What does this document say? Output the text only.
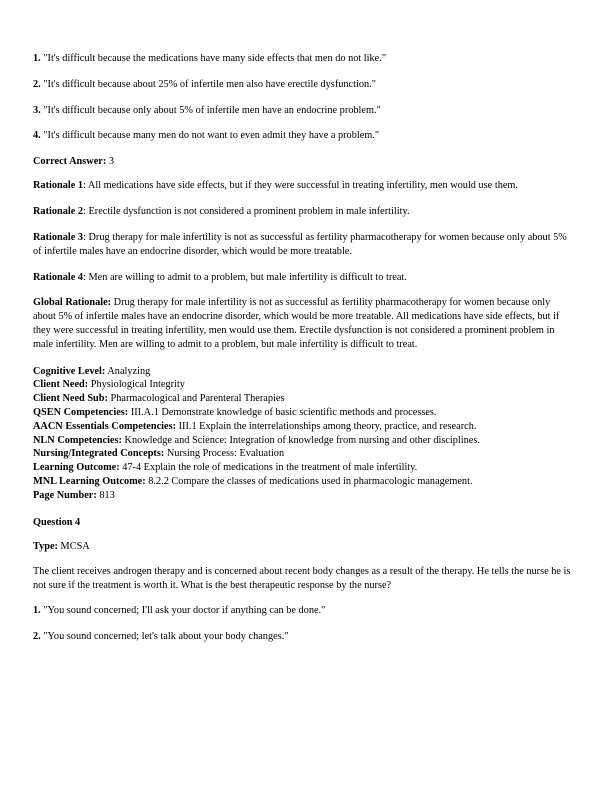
1. "It's difficult because the medications have many side effects that men do not like."

2. "It's difficult because about 25% of infertile men also have erectile dysfunction."

3. "It's difficult because only about 5% of infertile men have an endocrine problem."

4. "It's difficult because many men do not want to even admit they have a problem."

Correct Answer: 3

Rationale 1: All medications have side effects, but if they were successful in treating infertility, men would use them.

Rationale 2: Erectile dysfunction is not considered a prominent problem in male infertility.

Rationale 3: Drug therapy for male infertility is not as successful as fertility pharmacotherapy for women because only about 5% of infertile males have an endocrine disorder, which would be more treatable.

Rationale 4: Men are willing to admit to a problem, but male infertility is difficult to treat.

Global Rationale: Drug therapy for male infertility is not as successful as fertility pharmacotherapy for women because only about 5% of infertile males have an endocrine disorder, which would be more treatable. All medications have side effects, but if they were successful in treating infertility, men would use them. Erectile dysfunction is not considered a prominent problem in male infertility. Men are willing to admit to a problem, but male infertility is difficult to treat.

Cognitive Level: Analyzing

Client Need: Physiological Integrity

Client Need Sub: Pharmacological and Parenteral Therapies

QSEN Competencies: III.A.1 Demonstrate knowledge of basic scientific methods and processes.

AACN Essentials Competencies: III.1 Explain the interrelationships among theory, practice, and research.

NLN Competencies: Knowledge and Science: Integration of knowledge from nursing and other disciplines.

Nursing/Integrated Concepts: Nursing Process: Evaluation

Learning Outcome: 47-4 Explain the role of medications in the treatment of male infertility.

MNL Learning Outcome: 8.2.2 Compare the classes of medications used in pharmacologic management.

Page Number: 813

Question 4

Type: MCSA

The client receives androgen therapy and is concerned about recent body changes as a result of the therapy. He tells the nurse he is not sure if the treatment is worth it. What is the best therapeutic response by the nurse?

1. "You sound concerned; I'll ask your doctor if anything can be done."

2. "You sound concerned; let's talk about your body changes."
